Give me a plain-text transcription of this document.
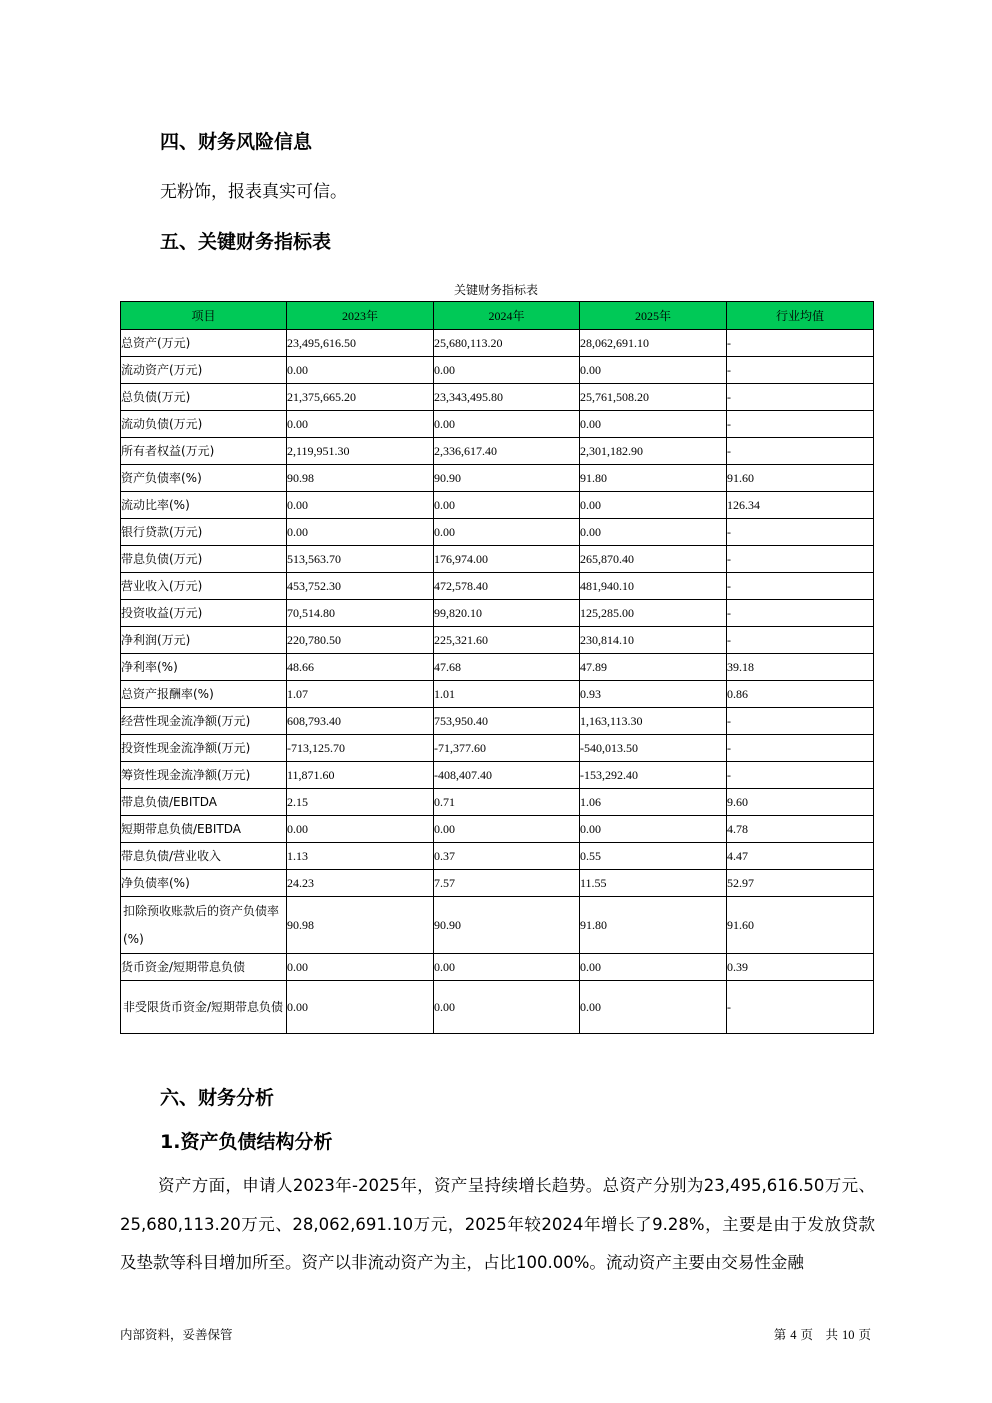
四、财务风险信息

无粉饰，报表真实可信。

五、关键财务指标表
关键财务指标表
项目	2023年	2024年	2025年	行业均值
总资产(万元)	23,495,616.50	25,680,113.20	28,062,691.10	-
流动资产(万元)	0.00	0.00	0.00	-
总负债(万元)	21,375,665.20	23,343,495.80	25,761,508.20	-
流动负债(万元)	0.00	0.00	0.00	-
所有者权益(万元)	2,119,951.30	2,336,617.40	2,301,182.90	-
资产负债率(%)	90.98	90.90	91.80	91.60
流动比率(%)	0.00	0.00	0.00	126.34
银行贷款(万元)	0.00	0.00	0.00	-
带息负债(万元)	513,563.70	176,974.00	265,870.40	-
营业收入(万元)	453,752.30	472,578.40	481,940.10	-
投资收益(万元)	70,514.80	99,820.10	125,285.00	-
净利润(万元)	220,780.50	225,321.60	230,814.10	-
净利率(%)	48.66	47.68	47.89	39.18
总资产报酬率(%)	1.07	1.01	0.93	0.86
经营性现金流净额(万元)	608,793.40	753,950.40	1,163,113.30	-
投资性现金流净额(万元)	-713,125.70	-71,377.60	-540,013.50	-
筹资性现金流净额(万元)	11,871.60	-408,407.40	-153,292.40	-
带息负债/EBITDA	2.15	0.71	1.06	9.60
短期带息负债/EBITDA	0.00	0.00	0.00	4.78
带息负债/营业收入	1.13	0.37	0.55	4.47
净负债率(%)	24.23	7.57	11.55	52.97
扣除预收账款后的资产负债率(%)	90.98	90.90	91.80	91.60
货币资金/短期带息负债	0.00	0.00	0.00	0.39
非受限货币资金/短期带息负债	0.00	0.00	0.00	-
六、财务分析
1.资产负债结构分析

资产方面，申请人2023年-2025年，资产呈持续增长趋势。总资产分别为23,495,616.50万元、25,680,113.20万元、28,062,691.10万元，2025年较2024年增长了9.28%，主要是由于发放贷款及垫款等科目增加所至。资产以非流动资产为主，占比100.00%。流动资产主要由交易性金融

内部资料，妥善保管	第 4 页　共 10 页
